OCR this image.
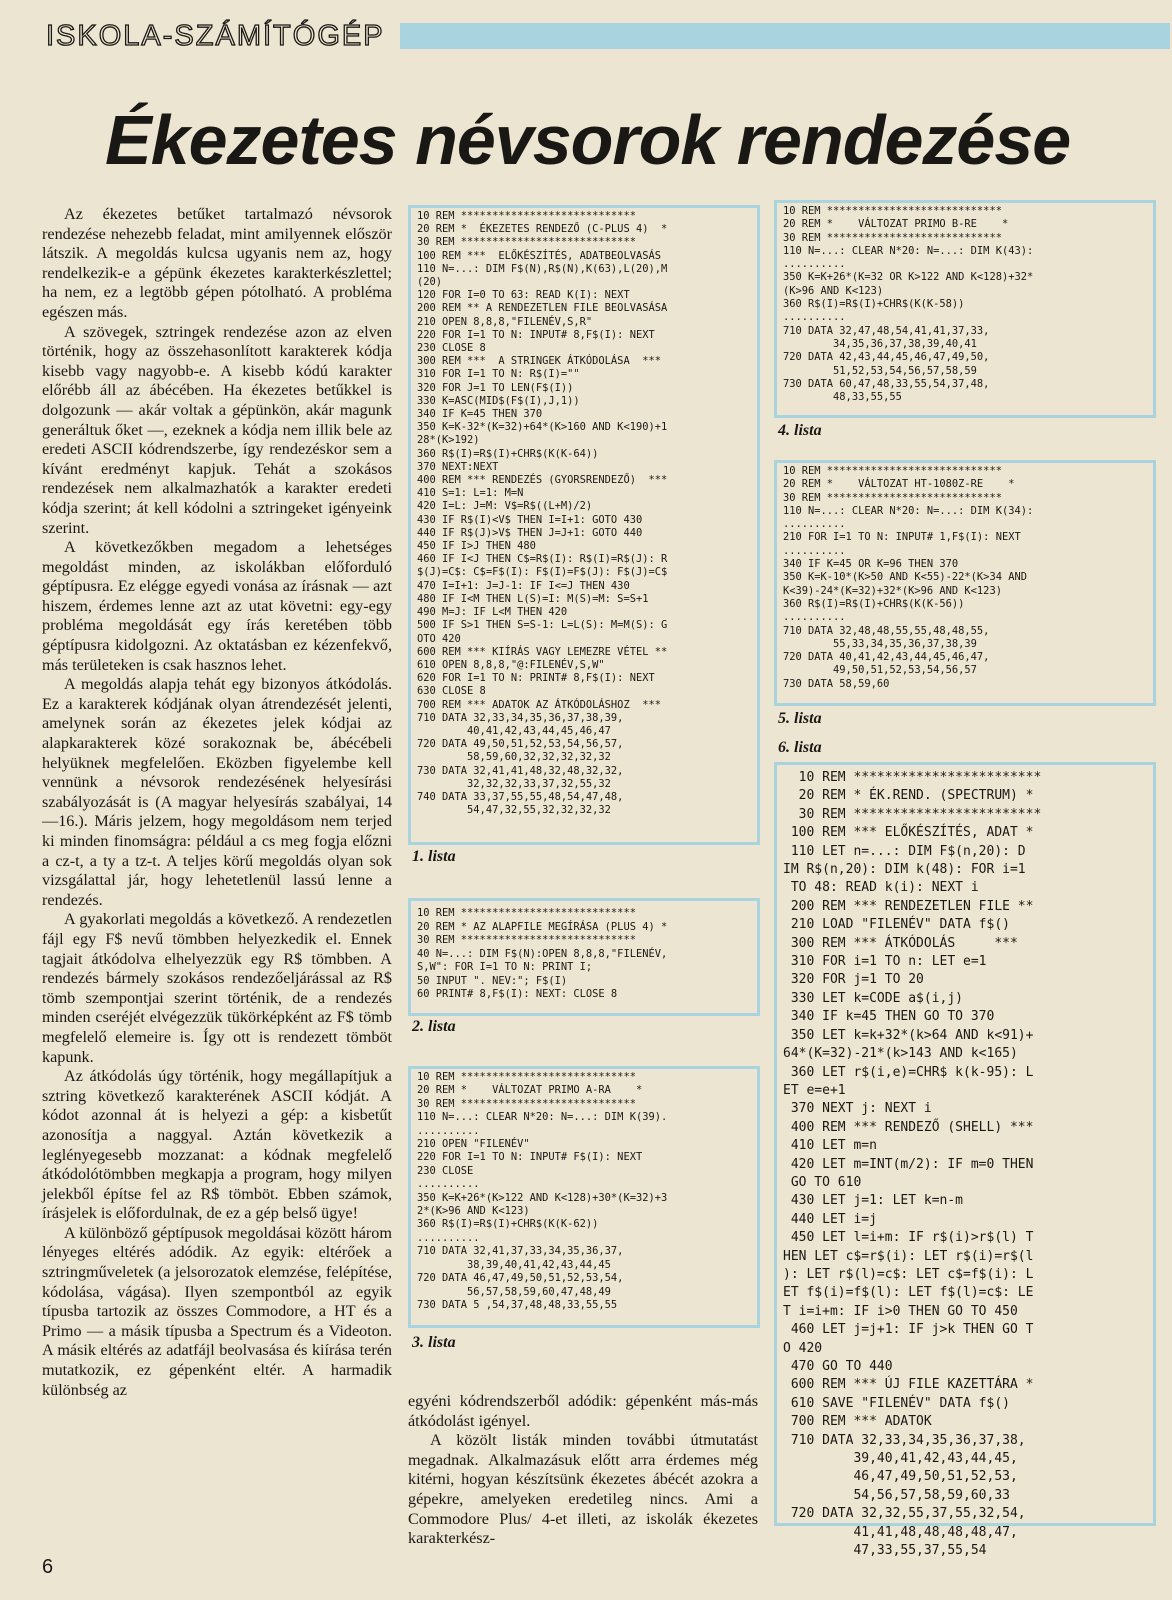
ISKOLA-SZÁMÍTÓGÉP
Ékezetes névsorok rendezése

Az ékezetes betűket tartalmazó névsorok rendezése nehezebb feladat, mint amilyennek először látszik. A megoldás kulcsa ugyanis nem az, hogy rendelkezik-e a gépünk ékezetes karakterkészlettel; ha nem, ez a legtöbb gépen pótolható. A probléma egészen más.

A szövegek, sztringek rendezése azon az elven történik, hogy az összehasonlított karakterek kódja kisebb vagy nagyobb-e. A kisebb kódú karakter előrébb áll az ábécében. Ha ékezetes betűkkel is dolgozunk — akár voltak a gépünkön, akár magunk generáltuk őket —, ezeknek a kódja nem illik bele az eredeti ASCII kódrendszerbe, így rendezéskor sem a kívánt eredményt kapjuk. Tehát a szokásos rendezések nem alkalmazhatók a karakter eredeti kódja szerint; át kell kódolni a sztringeket igényeink szerint.

A következőkben megadom a lehetséges megoldást minden, az iskolákban előforduló géptípusra. Ez elégge egyedi vonása az írásnak — azt hiszem, érdemes lenne azt az utat követni: egy-egy probléma megoldását egy írás keretében több géptípusra kidolgozni. Az oktatásban ez kézenfekvő, más területeken is csak hasznos lehet.

A megoldás alapja tehát egy bizonyos átkódolás. Ez a karakterek kódjának olyan átrendezését jelenti, amelynek során az ékezetes jelek kódjai az alapkarakterek közé sorakoznak be, ábécébeli helyüknek megfelelően. Eközben figyelembe kell vennünk a névsorok rendezésének helyesírási szabályozását is (A magyar helyesírás szabályai, 14—16.). Máris jelzem, hogy megoldásom nem terjed ki minden finomságra: például a cs meg fogja előzni a cz-t, a ty a tz-t. A teljes körű megoldás olyan sok vizsgálattal jár, hogy lehetetlenül lassú lenne a rendezés.

A gyakorlati megoldás a következő. A rendezetlen fájl egy F$ nevű tömbben helyezkedik el. Ennek tagjait átkódolva elhelyezzük egy R$ tömbben. A rendezés bármely szokásos rendezőeljárással az R$ tömb szempontjai szerint történik, de a rendezés minden cseréjét elvégezzük tükörképként az F$ tömb megfelelő elemeire is. Így ott is rendezett tömböt kapunk.

Az átkódolás úgy történik, hogy megállapítjuk a sztring következő karakterének ASCII kódját. A kódot azonnal át is helyezi a gép: a kisbetűt azonosítja a naggyal. Aztán következik a leglényegesebb mozzanat: a kódnak megfelelő átkódolótömbben megkapja a program, hogy milyen jelekből építse fel az R$ tömböt. Ebben számok, írásjelek is előfordulnak, de ez a gép belső ügye!

A különböző géptípusok megoldásai között három lényeges eltérés adódik. Az egyik: eltérőek a sztringműveletek (a jelsorozatok elemzése, felépítése, kódolása, vágása). Ilyen szempontból az egyik típusba tartozik az összes Commodore, a HT és a Primo — a másik típusba a Spectrum és a Videoton. A másik eltérés az adatfájl beolvasása és kiírása terén mutatkozik, ez gépenként eltér. A harmadik különbség az

10 REM ****************************
20 REM *  ÉKEZETES RENDEZŐ (C-PLUS 4)  *
30 REM ****************************
100 REM ***  ELŐKÉSZÍTÉS, ADATBEOLVASÁS
110 N=...: DIM F$(N),R$(N),K(63),L(20),M
(20)
120 FOR I=0 TO 63: READ K(I): NEXT
200 REM ** A RENDEZETLEN FILE BEOLVASÁSA
210 OPEN 8,8,8,"FILENÉV,S,R"
220 FOR I=1 TO N: INPUT# 8,F$(I): NEXT
230 CLOSE 8
300 REM ***  A STRINGEK ÁTKÓDOLÁSA  ***
310 FOR I=1 TO N: R$(I)=""
320 FOR J=1 TO LEN(F$(I))
330 K=ASC(MID$(F$(I),J,1))
340 IF K=45 THEN 370
350 K=K-32*(K=32)+64*(K>160 AND K<190)+1
28*(K>192)
360 R$(I)=R$(I)+CHR$(K(K-64))
370 NEXT:NEXT
400 REM *** RENDEZÉS (GYORSRENDEZŐ)  ***
410 S=1: L=1: M=N
420 I=L: J=M: V$=R$((L+M)/2)
430 IF R$(I)<V$ THEN I=I+1: GOTO 430
440 IF R$(J)>V$ THEN J=J+1: GOTO 440
450 IF I>J THEN 480
460 IF I<J THEN C$=R$(I): R$(I)=R$(J): R
$(J)=C$: C$=F$(I): F$(I)=F$(J): F$(J)=C$
470 I=I+1: J=J-1: IF I<=J THEN 430
480 IF I<M THEN L(S)=I: M(S)=M: S=S+1
490 M=J: IF L<M THEN 420
500 IF S>1 THEN S=S-1: L=L(S): M=M(S): G
OTO 420
600 REM *** KIÍRÁS VAGY LEMEZRE VÉTEL **
610 OPEN 8,8,8,"@:FILENÉV,S,W"
620 FOR I=1 TO N: PRINT# 8,F$(I): NEXT
630 CLOSE 8
700 REM *** ADATOK AZ ÁTKÓDOLÁSHOZ  ***
710 DATA 32,33,34,35,36,37,38,39,
40,41,42,43,44,45,46,47
720 DATA 49,50,51,52,53,54,56,57,
58,59,60,32,32,32,32,32
730 DATA 32,41,41,48,32,48,32,32,
32,32,32,33,37,32,55,32
740 DATA 33,37,55,55,48,54,47,48,
54,47,32,55,32,32,32,32
1. lista
10 REM ****************************
20 REM * AZ ALAPFILE MEGÍRÁSA (PLUS 4) *
30 REM ****************************
40 N=...: DIM F$(N):OPEN 8,8,8,"FILENÉV,
S,W": FOR I=1 TO N: PRINT I;
50 INPUT ". NEV:"; F$(I)
60 PRINT# 8,F$(I): NEXT: CLOSE 8
2. lista
10 REM ****************************
20 REM *    VÁLTOZAT PRIMO A-RA    *
30 REM ****************************
110 N=...: CLEAR N*20: N=...: DIM K(39).
..........
210 OPEN "FILENÉV"
220 FOR I=1 TO N: INPUT# F$(I): NEXT
230 CLOSE
..........
350 K=K+26*(K>122 AND K<128)+30*(K=32)+3
2*(K>96 AND K<123)
360 R$(I)=R$(I)+CHR$(K(K-62))
..........
710 DATA 32,41,37,33,34,35,36,37,
38,39,40,41,42,43,44,45
720 DATA 46,47,49,50,51,52,53,54,
56,57,58,59,60,47,48,49
730 DATA 5 ,54,37,48,48,33,55,55
3. lista

egyéni kódrendszerből adódik: gépenként más-más átkódolást igényel.

A közölt listák minden további útmutatást megadnak. Alkalmazásuk előtt arra érdemes még kitérni, hogyan készítsünk ékezetes ábécét azokra a gépekre, amelyeken eredetileg nincs. Ami a Commodore Plus/ 4-et illeti, az iskolák ékezetes karakterkész-

10 REM ****************************
20 REM *    VÁLTOZAT PRIMO B-RE    *
30 REM ****************************
110 N=...: CLEAR N*20: N=...: DIM K(43):
..........
350 K=K+26*(K=32 OR K>122 AND K<128)+32*
(K>96 AND K<123)
360 R$(I)=R$(I)+CHR$(K(K-58))
..........
710 DATA 32,47,48,54,41,41,37,33,
34,35,36,37,38,39,40,41
720 DATA 42,43,44,45,46,47,49,50,
51,52,53,54,56,57,58,59
730 DATA 60,47,48,33,55,54,37,48,
48,33,55,55
4. lista
10 REM ****************************
20 REM *    VÁLTOZAT HT-1080Z-RE    *
30 REM ****************************
110 N=...: CLEAR N*20: N=...: DIM K(34):
..........
210 FOR I=1 TO N: INPUT# 1,F$(I): NEXT
..........
340 IF K=45 OR K=96 THEN 370
350 K=K-10*(K>50 AND K<55)-22*(K>34 AND
K<39)-24*(K=32)+32*(K>96 AND K<123)
360 R$(I)=R$(I)+CHR$(K(K-56))
..........
710 DATA 32,48,48,55,55,48,48,55,
55,33,34,35,36,37,38,39
720 DATA 40,41,42,43,44,45,46,47,
49,50,51,52,53,54,56,57
730 DATA 58,59,60
5. lista
6. lista
10 REM ************************
20 REM * ÉK.REND. (SPECTRUM) *
30 REM ************************
100 REM *** ELŐKÉSZÍTÉS, ADAT *
110 LET n=...: DIM F$(n,20): D
IM R$(n,20): DIM k(48): FOR i=1
TO 48: READ k(i): NEXT i
200 REM *** RENDEZETLEN FILE **
210 LOAD "FILENÉV" DATA f$()
300 REM *** ÁTKÓDOLÁS     ***
310 FOR i=1 TO n: LET e=1
320 FOR j=1 TO 20
330 LET k=CODE a$(i,j)
340 IF k=45 THEN GO TO 370
350 LET k=k+32*(k>64 AND k<91)+
64*(K=32)-21*(k>143 AND k<165)
360 LET r$(i,e)=CHR$ k(k-95): L
ET e=e+1
370 NEXT j: NEXT i
400 REM *** RENDEZŐ (SHELL) ***
410 LET m=n
420 LET m=INT(m/2): IF m=0 THEN
GO TO 610
430 LET j=1: LET k=n-m
440 LET i=j
450 LET l=i+m: IF r$(i)>r$(l) T
HEN LET c$=r$(i): LET r$(i)=r$(l
): LET r$(l)=c$: LET c$=f$(i): L
ET f$(i)=f$(l): LET f$(l)=c$: LE
T i=i+m: IF i>0 THEN GO TO 450
460 LET j=j+1: IF j>k THEN GO T
O 420
470 GO TO 440
600 REM *** ÚJ FILE KAZETTÁRA *
610 SAVE "FILENÉV" DATA f$()
700 REM *** ADATOK
710 DATA 32,33,34,35,36,37,38,
39,40,41,42,43,44,45,
46,47,49,50,51,52,53,
54,56,57,58,59,60,33
720 DATA 32,32,55,37,55,32,54,
41,41,48,48,48,48,47,
47,33,55,37,55,54
6
